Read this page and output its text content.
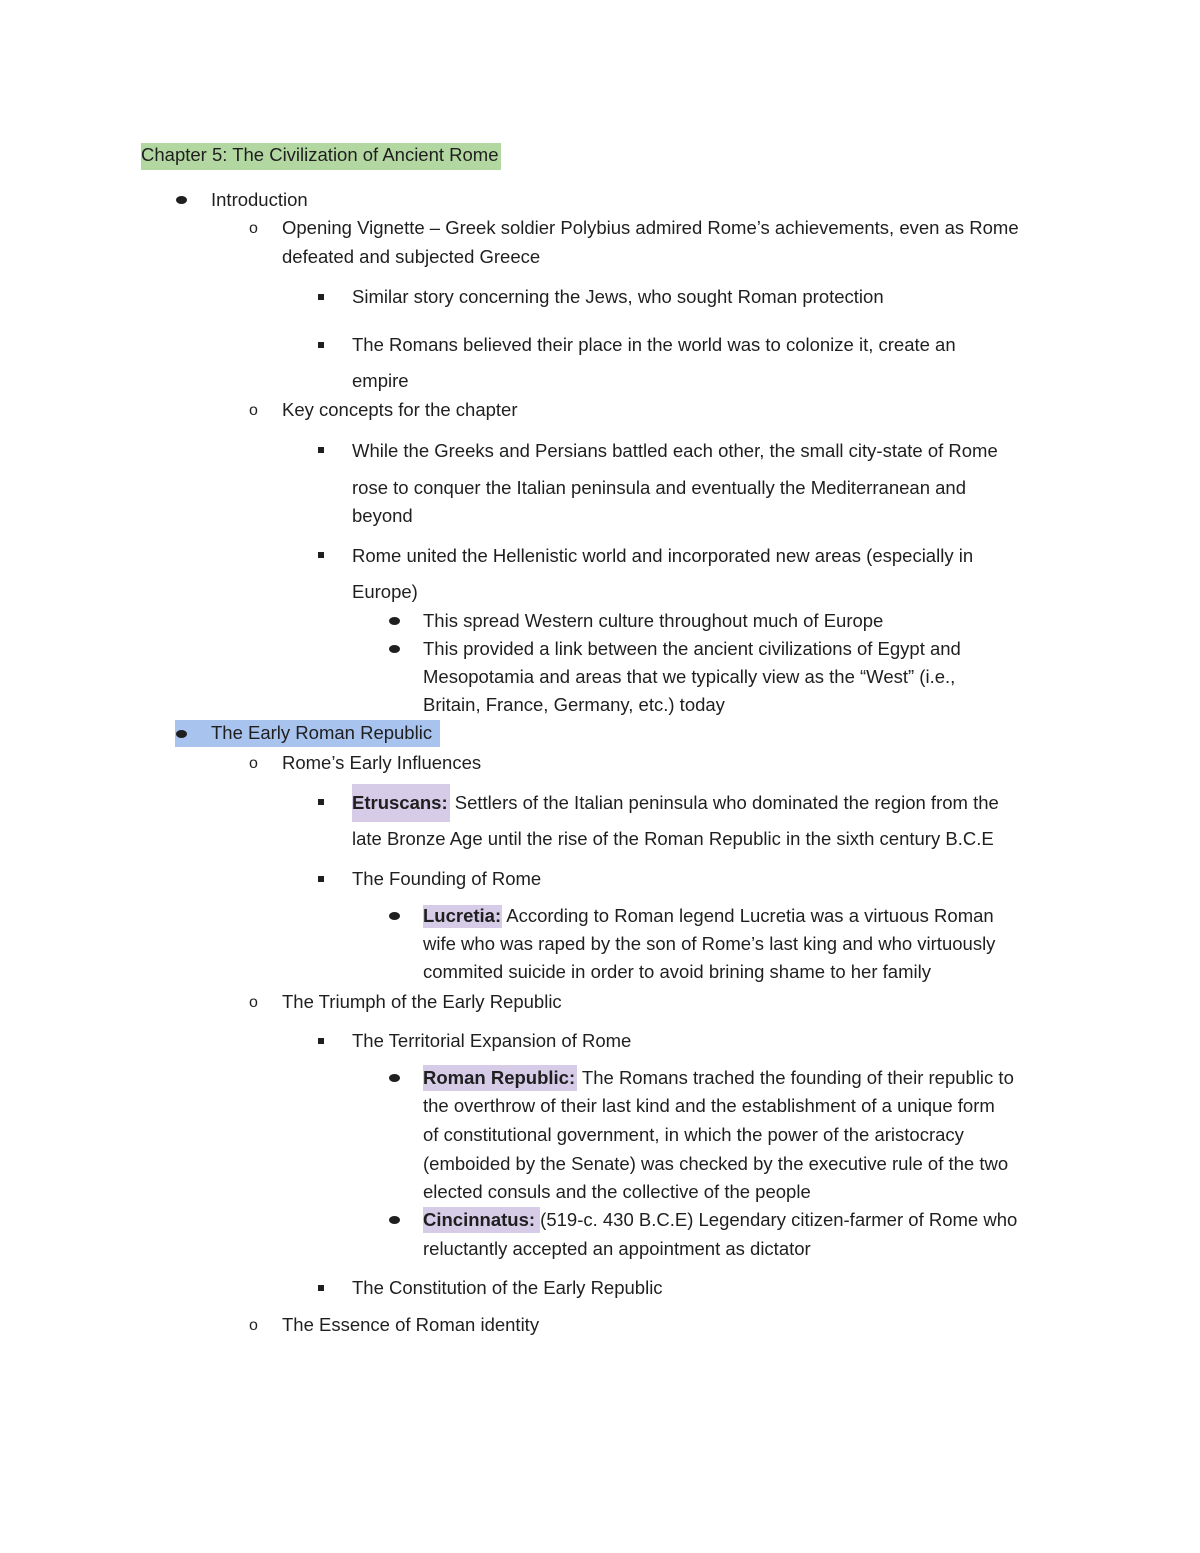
Chapter 5: The Civilization of Ancient Rome
Introduction
o Opening Vignette – Greek soldier Polybius admired Rome’s achievements, even as Rome
defeated and subjected Greece
Similar story concerning the Jews, who sought Roman protection
The Romans believed their place in the world was to colonize it, create an
empire
o Key concepts for the chapter
While the Greeks and Persians battled each other, the small city-state of Rome
rose to conquer the Italian peninsula and eventually the Mediterranean and
beyond
Rome united the Hellenistic world and incorporated new areas (especially in
Europe)
This spread Western culture throughout much of Europe
This provided a link between the ancient civilizations of Egypt and
Mesopotamia and areas that we typically view as the “West” (i.e.,
Britain, France, Germany, etc.) today
The Early Roman Republic
o Rome’s Early Influences
Etruscans: Settlers of the Italian peninsula who dominated the region from the
late Bronze Age until the rise of the Roman Republic in the sixth century B.C.E
The Founding of Rome
Lucretia: According to Roman legend Lucretia was a virtuous Roman
wife who was raped by the son of Rome’s last king and who virtuously
commited suicide in order to avoid brining shame to her family
o The Triumph of the Early Republic
The Territorial Expansion of Rome
Roman Republic: The Romans trached the founding of their republic to
the overthrow of their last kind and the establishment of a unique form
of constitutional government, in which the power of the aristocracy
(emboided by the Senate) was checked by the executive rule of the two
elected consuls and the collective of the people
Cincinnatus: (519-c. 430 B.C.E) Legendary citizen-farmer of Rome who
reluctantly accepted an appointment as dictator
The Constitution of the Early Republic
o The Essence of Roman identity
